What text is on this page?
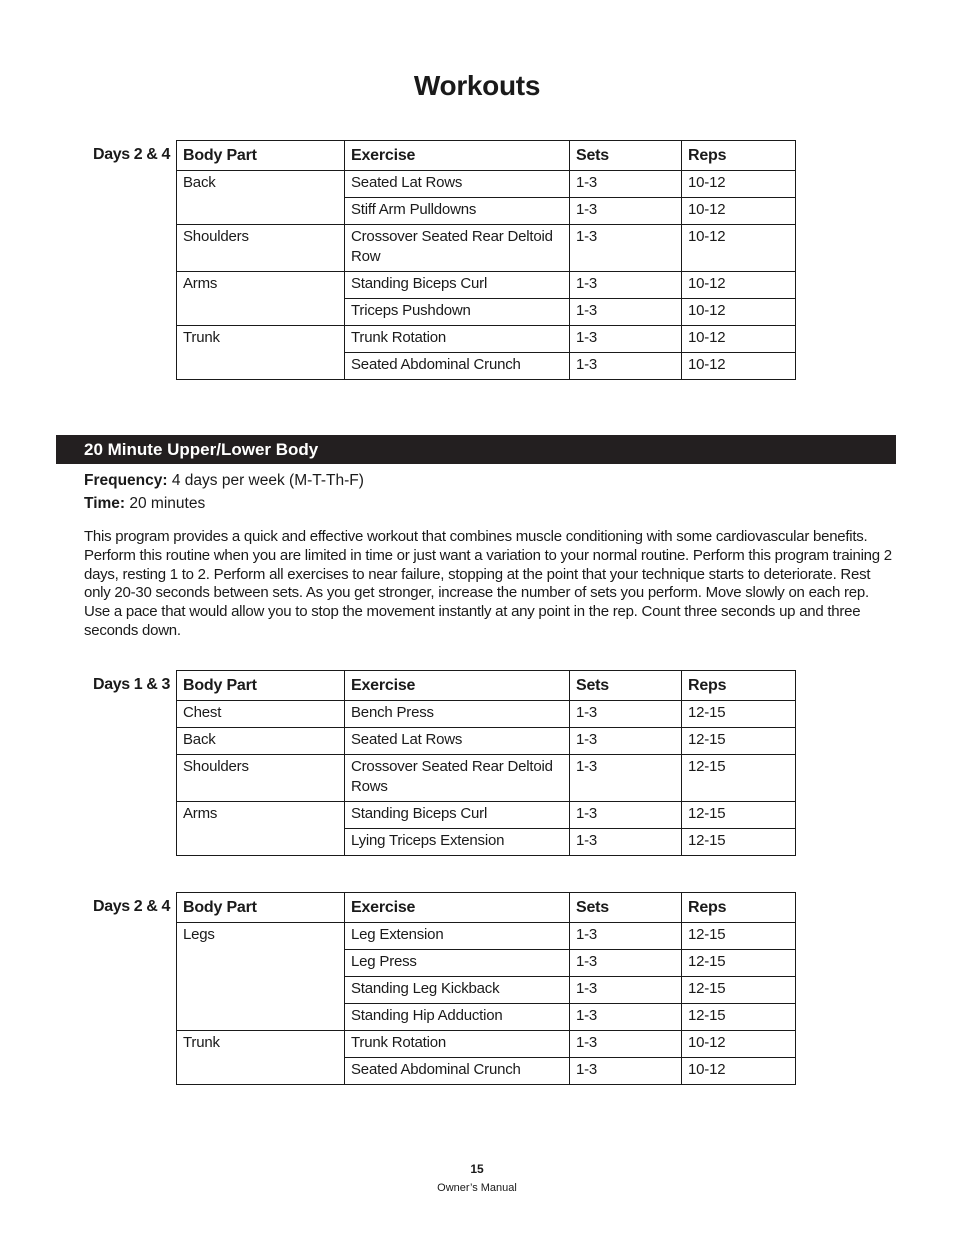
Workouts
Days 2 & 4 Body Part	Exercise	Sets	Reps
Back	Seated Lat Rows	1-3	10-12
	Stiff Arm Pulldowns	1-3	10-12
Shoulders	Crossover Seated Rear Deltoid Row	1-3	10-12
Arms	Standing Biceps Curl	1-3	10-12
	Triceps Pushdown	1-3	10-12
Trunk	Trunk Rotation	1-3	10-12
	Seated Abdominal Crunch	1-3	10-12
20 Minute Upper/Lower Body
Frequency: 4 days per week (M-T-Th-F)
Time: 20 minutes
This program provides a quick and effective workout that combines muscle conditioning with some cardiovascular benefits. Perform this routine when you are limited in time or just want a variation to your normal routine. Perform this program training 2 days, resting 1 to 2. Perform all exercises to near failure, stopping at the point that your technique starts to deteriorate. Rest only 20-30 seconds between sets. As you get stronger, increase the number of sets you perform. Move slowly on each rep. Use a pace that would allow you to stop the movement instantly at any point in the rep. Count three seconds up and three seconds down.
Days 1 & 3 Body Part	Exercise	Sets	Reps
Chest	Bench Press	1-3	12-15
Back	Seated Lat Rows	1-3	12-15
Shoulders	Crossover Seated Rear Deltoid Rows	1-3	12-15
Arms	Standing Biceps Curl	1-3	12-15
	Lying Triceps Extension	1-3	12-15
Days 2 & 4 Body Part	Exercise	Sets	Reps
Legs	Leg Extension	1-3	12-15
	Leg Press	1-3	12-15
	Standing Leg Kickback	1-3	12-15
	Standing Hip Adduction	1-3	12-15
Trunk	Trunk Rotation	1-3	10-12
	Seated Abdominal Crunch	1-3	10-12
15
Owner’s Manual
